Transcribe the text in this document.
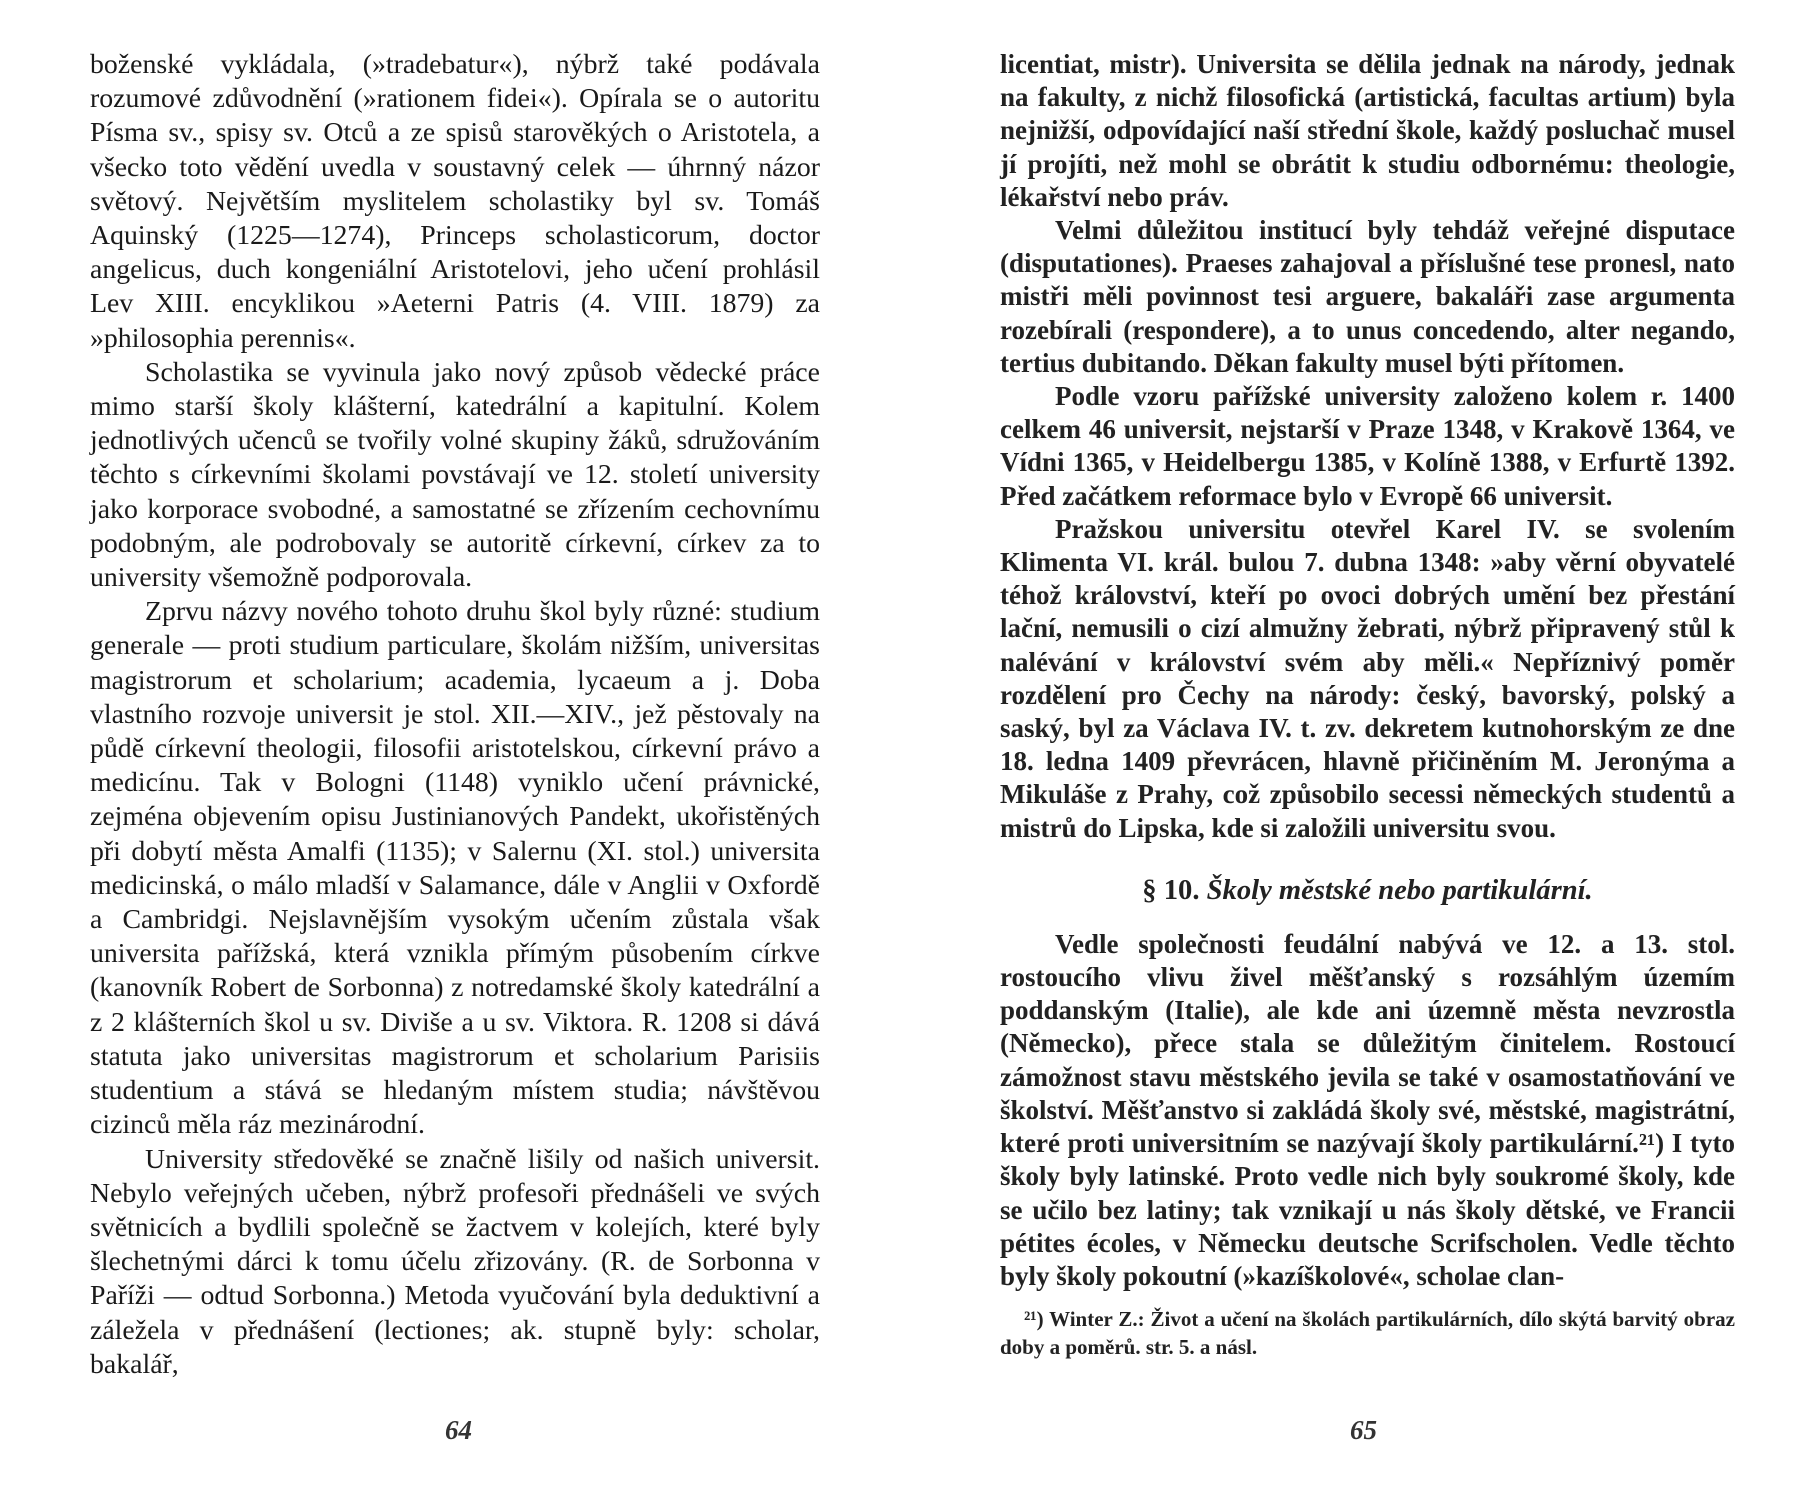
boženské vykládala, (»tradebatur«), nýbrž také podávala rozumové zdůvodnění (»rationem fidei«). Opírala se o autoritu Písma sv., spisy sv. Otců a ze spisů starověkých o Aristotela, a všecko toto vědění uvedla v soustavný celek — úhrnný názor světový. Největším myslitelem scholastiky byl sv. Tomáš Aquinský (1225—1274), Princeps scholasticorum, doctor angelicus, duch kongeniální Aristotelovi, jeho učení prohlásil Lev XIII. encyklikou »Aeterni Patris (4. VIII. 1879) za »philosophia perennis«.

Scholastika se vyvinula jako nový způsob vědecké práce mimo starší školy klášterní, katedrální a kapitulní. Kolem jednotlivých učenců se tvořily volné skupiny žáků, sdružováním těchto s církevními školami povstávají ve 12. století university jako korporace svobodné, a samostatné se zřízením cechovnímu podobným, ale podrobovaly se autoritě církevní, církev za to university všemožně podporovala.

Zprvu názvy nového tohoto druhu škol byly různé: studium generale — proti studium particulare, školám nižším, universitas magistrorum et scholarium; academia, lycaeum a j. Doba vlastního rozvoje universit je stol. XII.—XIV., jež pěstovaly na půdě církevní theologii, filosofii aristotelskou, církevní právo a medicínu. Tak v Bologni (1148) vyniklo učení právnické, zejména objevením opisu Justinianových Pandekt, ukořistěných při dobytí města Amalfi (1135); v Salernu (XI. stol.) universita medicinská, o málo mladší v Salamance, dále v Anglii v Oxfordě a Cambridgi. Nejslavnějším vysokým učením zůstala však universita pařížská, která vznikla přímým působením církve (kanovník Robert de Sorbonna) z notredamské školy katedrální a z 2 klášterních škol u sv. Diviše a u sv. Viktora. R. 1208 si dává statuta jako universitas magistrorum et scholarium Parisiis studentium a stává se hledaným místem studia; návštěvou cizinců měla ráz mezinárodní.

University středověké se značně lišily od našich universit. Nebylo veřejných učeben, nýbrž profesoři přednášeli ve svých světnicích a bydlili společně se žactvem v kolejích, které byly šlechetnými dárci k tomu účelu zřizovány. (R. de Sorbonna v Paříži — odtud Sorbonna.) Metoda vyučování byla deduktivní a záležela v přednášení (lectiones; ak. stupně byly: scholar, bakalář,

64

licentiat, mistr). Universita se dělila jednak na národy, jednak na fakulty, z nichž filosofická (artistická, facultas artium) byla nejnižší, odpovídající naší střední škole, každý posluchač musel jí projíti, než mohl se obrátit k studiu odbornému: theologie, lékařství nebo práv.

Velmi důležitou institucí byly tehdáž veřejné disputace (disputationes). Praeses zahajoval a příslušné tese pronesl, nato mistři měli povinnost tesi arguere, bakaláři zase argumenta rozebírali (respondere), a to unus concedendo, alter negando, tertius dubitando. Děkan fakulty musel býti přítomen.

Podle vzoru pařížské university založeno kolem r. 1400 celkem 46 universit, nejstarší v Praze 1348, v Krakově 1364, ve Vídni 1365, v Heidelbergu 1385, v Kolíně 1388, v Erfurtě 1392. Před začátkem reformace bylo v Evropě 66 universit.

Pražskou universitu otevřel Karel IV. se svolením Klimenta VI. král. bulou 7. dubna 1348: »aby věrní obyvatelé téhož království, kteří po ovoci dobrých umění bez přestání lační, nemusili o cizí almužny žebrati, nýbrž připravený stůl k nalévání v království svém aby měli.« Nepříznivý poměr rozdělení pro Čechy na národy: český, bavorský, polský a saský, byl za Václava IV. t. zv. dekretem kutnohorským ze dne 18. ledna 1409 převrácen, hlavně přičiněním M. Jeronýma a Mikuláše z Prahy, což způsobilo secessi německých studentů a mistrů do Lipska, kde si založili universitu svou.

§ 10. Školy městské nebo partikulární.

Vedle společnosti feudální nabývá ve 12. a 13. stol. rostoucího vlivu živel měšťanský s rozsáhlým územím poddanským (Italie), ale kde ani územně města nevzrostla (Německo), přece stala se důležitým činitelem. Rostoucí zámožnost stavu městského jevila se také v osamostatňování ve školství. Měšťanstvo si zakládá školy své, městské, magistrátní, které proti universitním se nazývají školy partikulární.²¹) I tyto školy byly latinské. Proto vedle nich byly soukromé školy, kde se učilo bez latiny; tak vznikají u nás školy dětské, ve Francii pétites écoles, v Německu deutsche Scrifscholen. Vedle těchto byly školy pokoutní (»kazíškolové«, scholae clan-

²¹) Winter Z.: Život a učení na školách partikulárních, dílo skýtá barvitý obraz doby a poměrů. str. 5. a násl.

65
